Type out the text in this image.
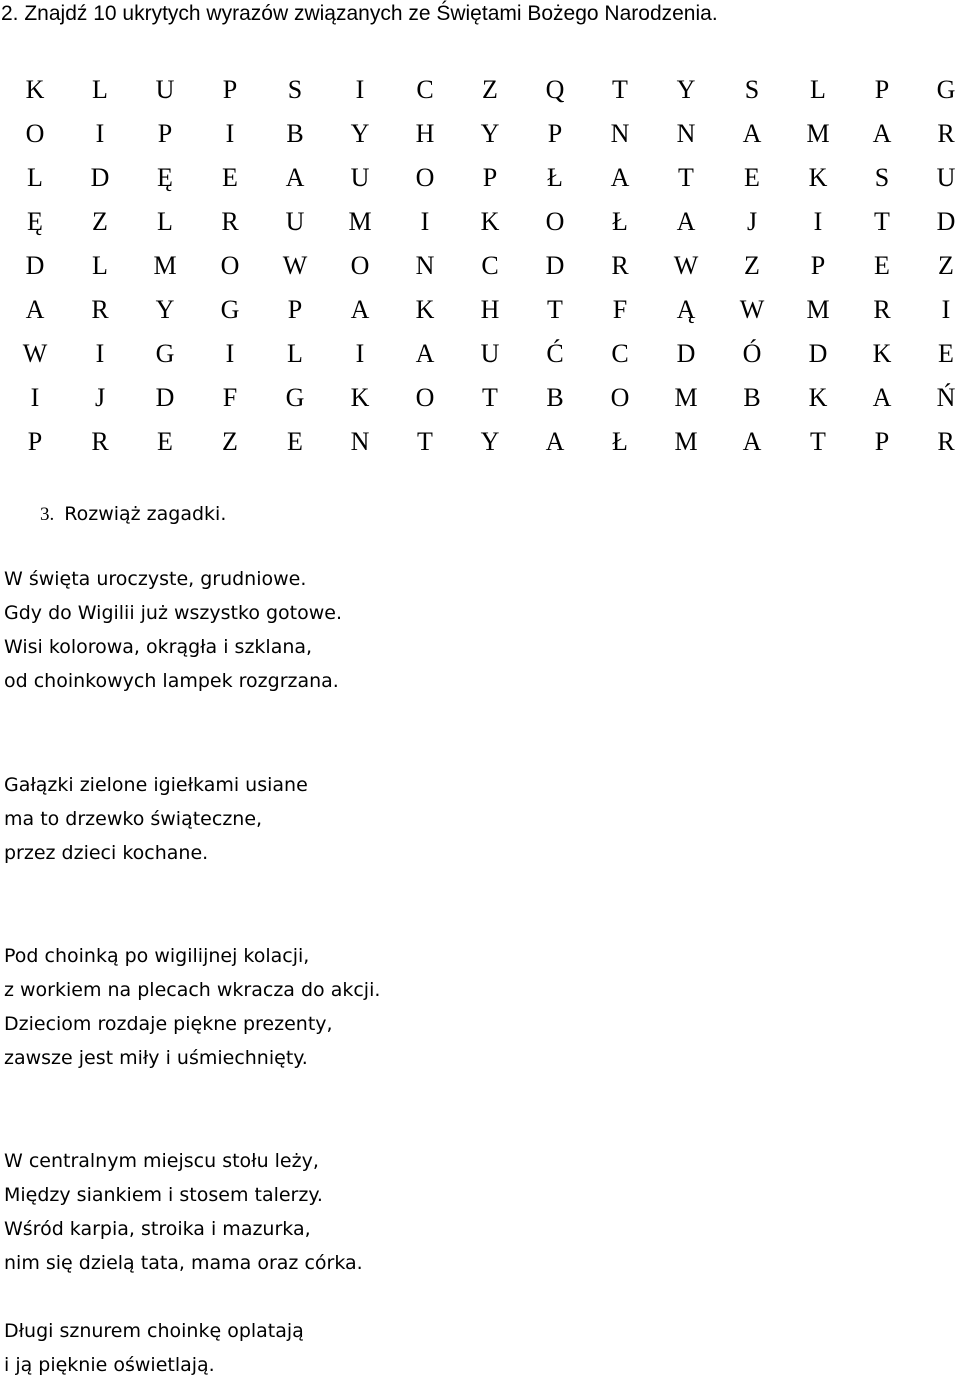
2. Znajdź 10 ukrytych wyrazów związanych ze Świętami Bożego Narodzenia.
K	L	U	P	S	I	C	Z	Q	T	Y	S	L	P	G
O	I	P	I	B	Y	H	Y	P	N	N	A	M	A	R
L	D	Ę	E	A	U	O	P	Ł	A	T	E	K	S	U
Ę	Z	L	R	U	M	I	K	O	Ł	A	J	I	T	D
D	L	M	O	W	O	N	C	D	R	W	Z	P	E	Z
A	R	Y	G	P	A	K	H	T	F	Ą	W	M	R	I
W	I	G	I	L	I	A	U	Ć	C	D	Ó	D	K	E
I	J	D	F	G	K	O	T	B	O	M	B	K	A	Ń
P	R	E	Z	E	N	T	Y	A	Ł	M	A	T	P	R
3. Rozwiąż zagadki.
W święta uroczyste, grudniowe.
Gdy do Wigilii już wszystko gotowe.
Wisi kolorowa, okrągła i szklana,
od choinkowych lampek rozgrzana.
Gałązki zielone igiełkami usiane
ma to drzewko świąteczne,
przez dzieci kochane.
Pod choinką po wigilijnej kolacji,
z workiem na plecach wkracza do akcji.
Dzieciom rozdaje piękne prezenty,
zawsze jest miły i uśmiechnięty.
W centralnym miejscu stołu leży,
Między siankiem i stosem talerzy.
Wśród karpia, stroika i mazurka,
nim się dzielą tata, mama oraz córka.
Długi sznurem choinkę oplatają
i ją pięknie oświetlają.
